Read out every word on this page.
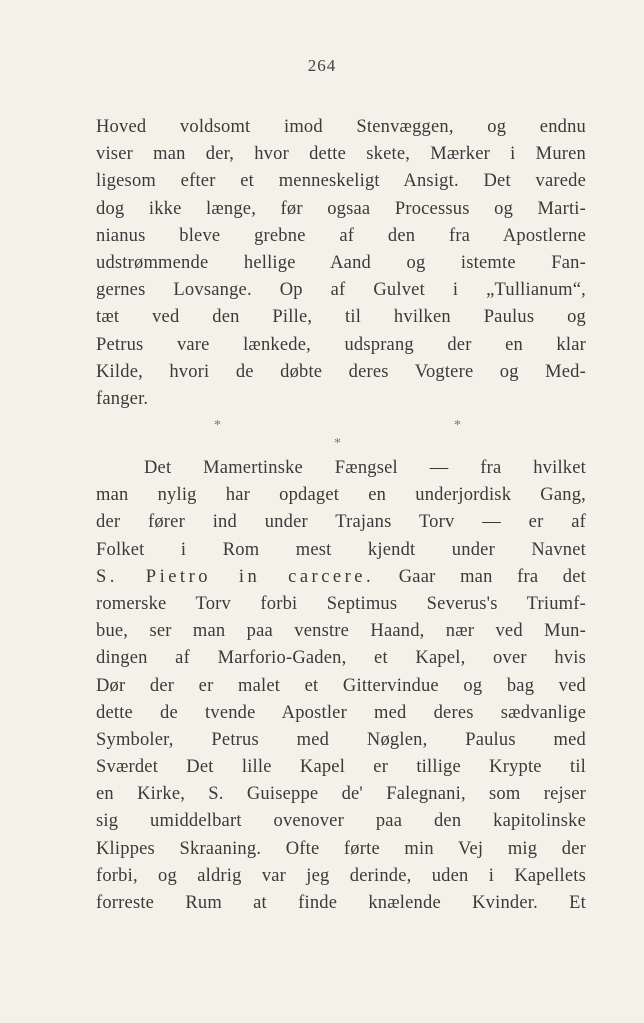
264
Hoved voldsomt imod Stenvæggen, og endnu
viser man der, hvor dette skete, Mærker i Muren
ligesom efter et menneskeligt Ansigt. Det varede
dog ikke længe, før ogsaa Processus og Marti-
nianus bleve grebne af den fra Apostlerne
udstrømmende hellige Aand og istemte Fan-
gernes Lovsange. Op af Gulvet i „Tullianum“,
tæt ved den Pille, til hvilken Paulus og
Petrus vare lænkede, udsprang der en klar
Kilde, hvori de døbte deres Vogtere og Med-
fanger.
*	*
*
Det Mamertinske Fængsel — fra hvilket
man nylig har opdaget en underjordisk Gang,
der fører ind under Trajans Torv — er af
Folket i Rom mest kjendt under Navnet
S. Pietro in carcere. Gaar man fra det
romerske Torv forbi Septimus Severus's Triumf-
bue, ser man paa venstre Haand, nær ved Mun-
dingen af Marforio-Gaden, et Kapel, over hvis
Dør der er malet et Gittervindue og bag ved
dette de tvende Apostler med deres sædvanlige
Symboler, Petrus med Nøglen, Paulus med
Sværdet Det lille Kapel er tillige Krypte til
en Kirke, S. Guiseppe de' Falegnani, som rejser
sig umiddelbart ovenover paa den kapitolinske
Klippes Skraaning. Ofte førte min Vej mig der
forbi, og aldrig var jeg derinde, uden i Kapellets
forreste Rum at finde knælende Kvinder. Et
